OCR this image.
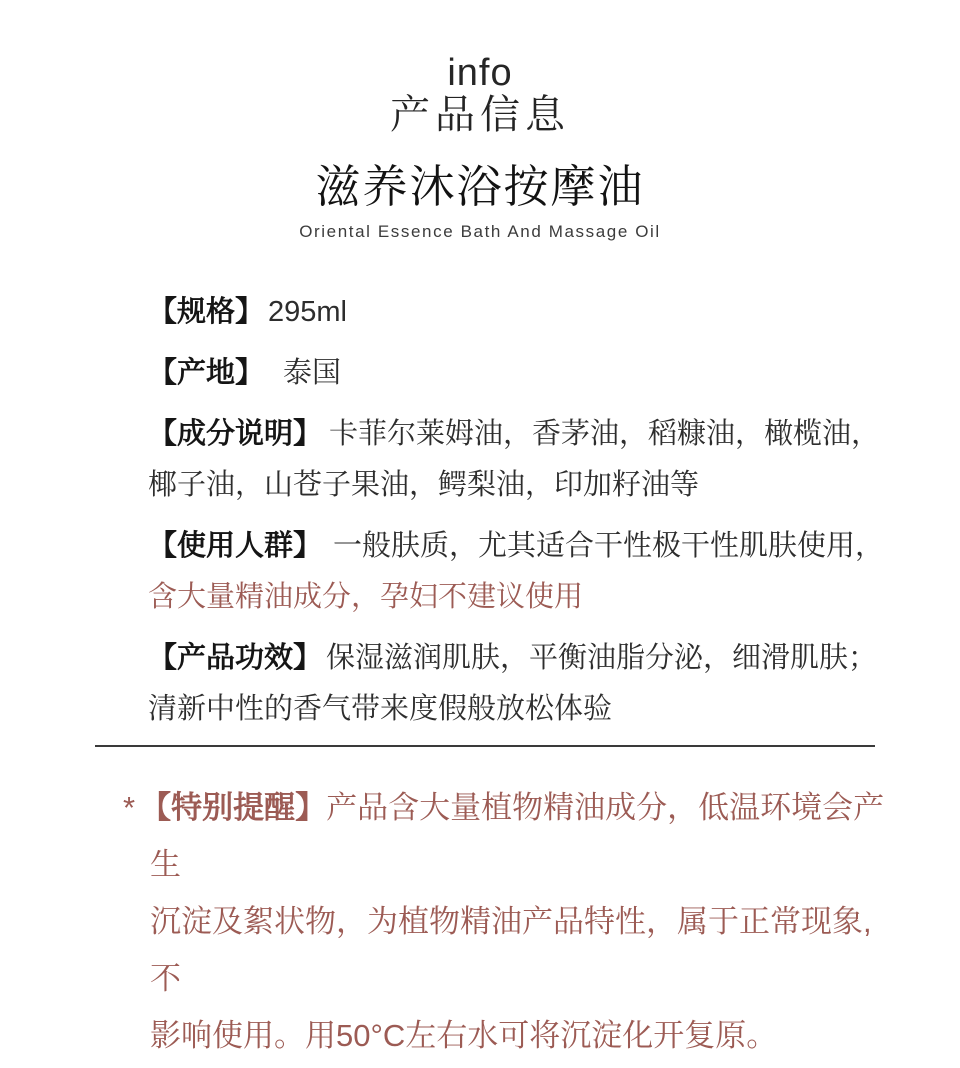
info
产品信息
滋养沐浴按摩油
Oriental Essence Bath And Massage Oil

【规格】 295ml

【产地】 泰国

【成分说明】 卡菲尔莱姆油，香茅油，稻糠油，橄榄油，
椰子油，山苍子果油，鳄梨油，印加籽油等

【使用人群】 一般肤质，尤其适合干性极干性肌肤使用，
含大量精油成分，孕妇不建议使用

【产品功效】 保湿滋润肌肤，平衡油脂分泌，细滑肌肤；
清新中性的香气带来度假般放松体验

* 【特别提醒】产品含大量植物精油成分，低温环境会产生
沉淀及絮状物，为植物精油产品特性，属于正常现象,不
影响使用。用50°C左右水可将沉淀化开复原。
